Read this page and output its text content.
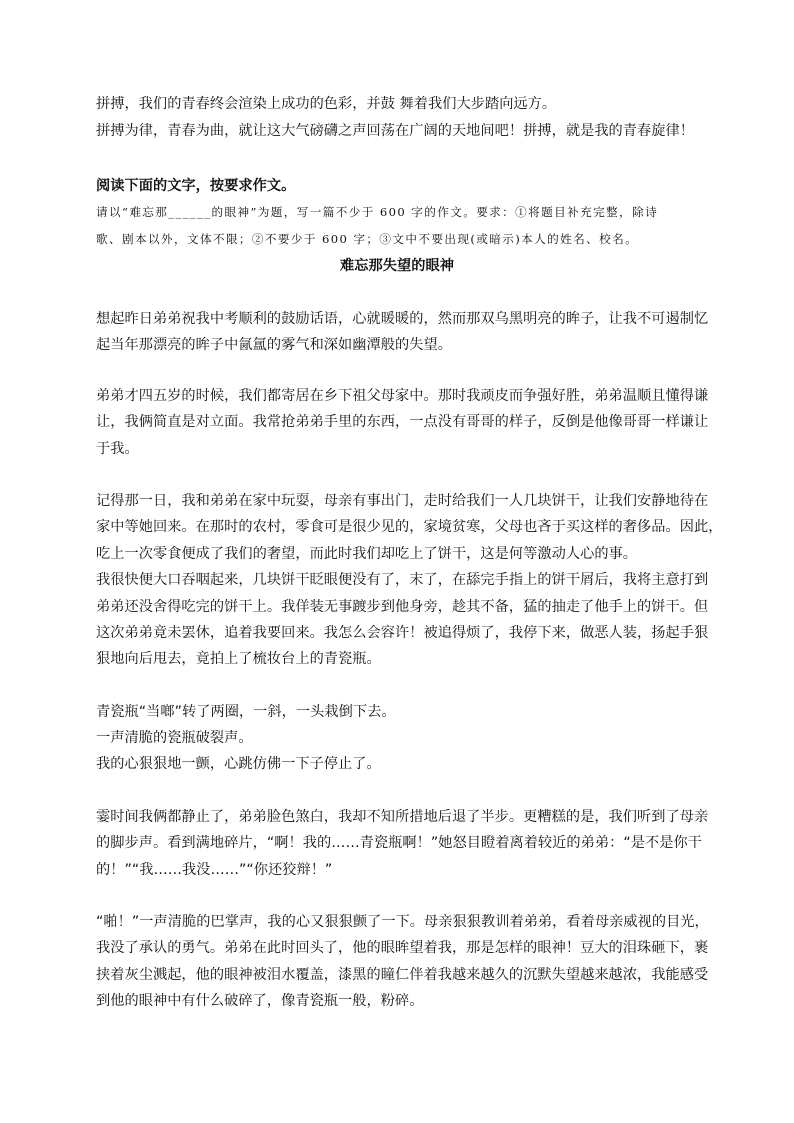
拼搏，我们的青春终会渲染上成功的色彩，并鼓 舞着我们大步踏向远方。
拼搏为律，青春为曲，就让这大气磅礴之声回荡在广阔的天地间吧！拼搏，就是我的青春旋律！
阅读下面的文字，按要求作文。
请以“难忘那______的眼神”为题，写一篇不少于 600 字的作文。要求：①将题目补充完整，除诗
歌、剧本以外，文体不限；②不要少于 600 字；③文中不要出现(或暗示)本人的姓名、校名。
难忘那失望的眼神
想起昨日弟弟祝我中考顺利的鼓励话语，心就暖暖的，然而那双乌黑明亮的眸子，让我不可遏制忆
起当年那漂亮的眸子中氤氲的雾气和深如幽潭般的失望。
弟弟才四五岁的时候，我们都寄居在乡下祖父母家中。那时我顽皮而争强好胜，弟弟温顺且懂得谦
让，我俩简直是对立面。我常抢弟弟手里的东西，一点没有哥哥的样子，反倒是他像哥哥一样谦让
于我。
记得那一日，我和弟弟在家中玩耍，母亲有事出门，走时给我们一人几块饼干，让我们安静地待在
家中等她回来。在那时的农村，零食可是很少见的，家境贫寒，父母也吝于买这样的奢侈品。因此，
吃上一次零食便成了我们的奢望，而此时我们却吃上了饼干，这是何等激动人心的事。
我很快便大口吞咽起来，几块饼干眨眼便没有了，末了，在舔完手指上的饼干屑后，我将主意打到
弟弟还没舍得吃完的饼干上。我佯装无事踱步到他身旁，趁其不备，猛的抽走了他手上的饼干。但
这次弟弟竟未罢休，追着我要回来。我怎么会容许！被追得烦了，我停下来，做恶人装，扬起手狠
狠地向后甩去，竟拍上了梳妆台上的青瓷瓶。
青瓷瓶“当啷”转了两圈，一斜，一头栽倒下去。
一声清脆的瓷瓶破裂声。
我的心狠狠地一颤，心跳仿佛一下子停止了。
霎时间我俩都静止了，弟弟脸色煞白，我却不知所措地后退了半步。更糟糕的是，我们听到了母亲
的脚步声。看到满地碎片，“啊！我的……青瓷瓶啊！”她怒目瞪着离着较近的弟弟：“是不是你干
的！”“我……我没……”“你还狡辩！”
“啪！”一声清脆的巴掌声，我的心又狠狠颤了一下。母亲狠狠教训着弟弟，看着母亲威视的目光，
我没了承认的勇气。弟弟在此时回头了，他的眼眸望着我，那是怎样的眼神！豆大的泪珠砸下，裹
挟着灰尘溅起，他的眼神被泪水覆盖，漆黑的瞳仁伴着我越来越久的沉默失望越来越浓，我能感受
到他的眼神中有什么破碎了，像青瓷瓶一般，粉碎。
